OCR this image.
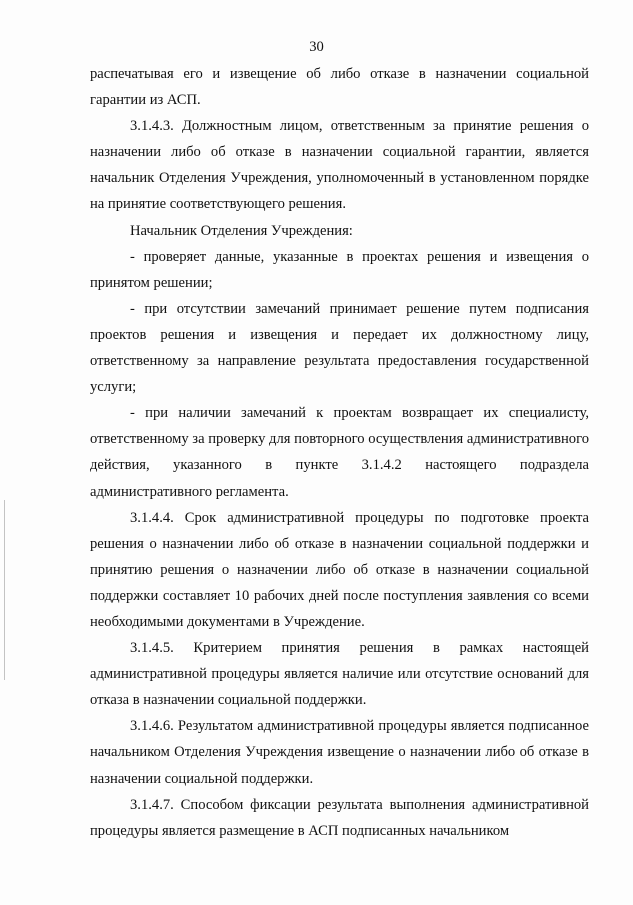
30

распечатывая его и извещение об либо отказе в назначении социальной гарантии из АСП.

3.1.4.3. Должностным лицом, ответственным за принятие решения о назначении либо об отказе в назначении социальной гарантии, является начальник Отделения Учреждения, уполномоченный в установленном порядке на принятие соответствующего решения.

Начальник Отделения Учреждения:

- проверяет данные, указанные в проектах решения и извещения о принятом решении;

- при отсутствии замечаний принимает решение путем подписания проектов решения и извещения и передает их должностному лицу, ответственному за направление результата предоставления государственной услуги;

- при наличии замечаний к проектам возвращает их специалисту, ответственному за проверку для повторного осуществления административного действия, указанного в пункте 3.1.4.2 настоящего подраздела административного регламента.

3.1.4.4. Срок административной процедуры по подготовке проекта решения о назначении либо об отказе в назначении социальной поддержки и принятию решения о назначении либо об отказе в назначении социальной поддержки составляет 10 рабочих дней после поступления заявления со всеми необходимыми документами в Учреждение.

3.1.4.5. Критерием принятия решения в рамках настоящей административной процедуры является наличие или отсутствие оснований для отказа в назначении социальной поддержки.

3.1.4.6. Результатом административной процедуры является подписанное начальником Отделения Учреждения извещение о назначении либо об отказе в назначении социальной поддержки.

3.1.4.7. Способом фиксации результата выполнения административной процедуры является размещение в АСП подписанных начальником
